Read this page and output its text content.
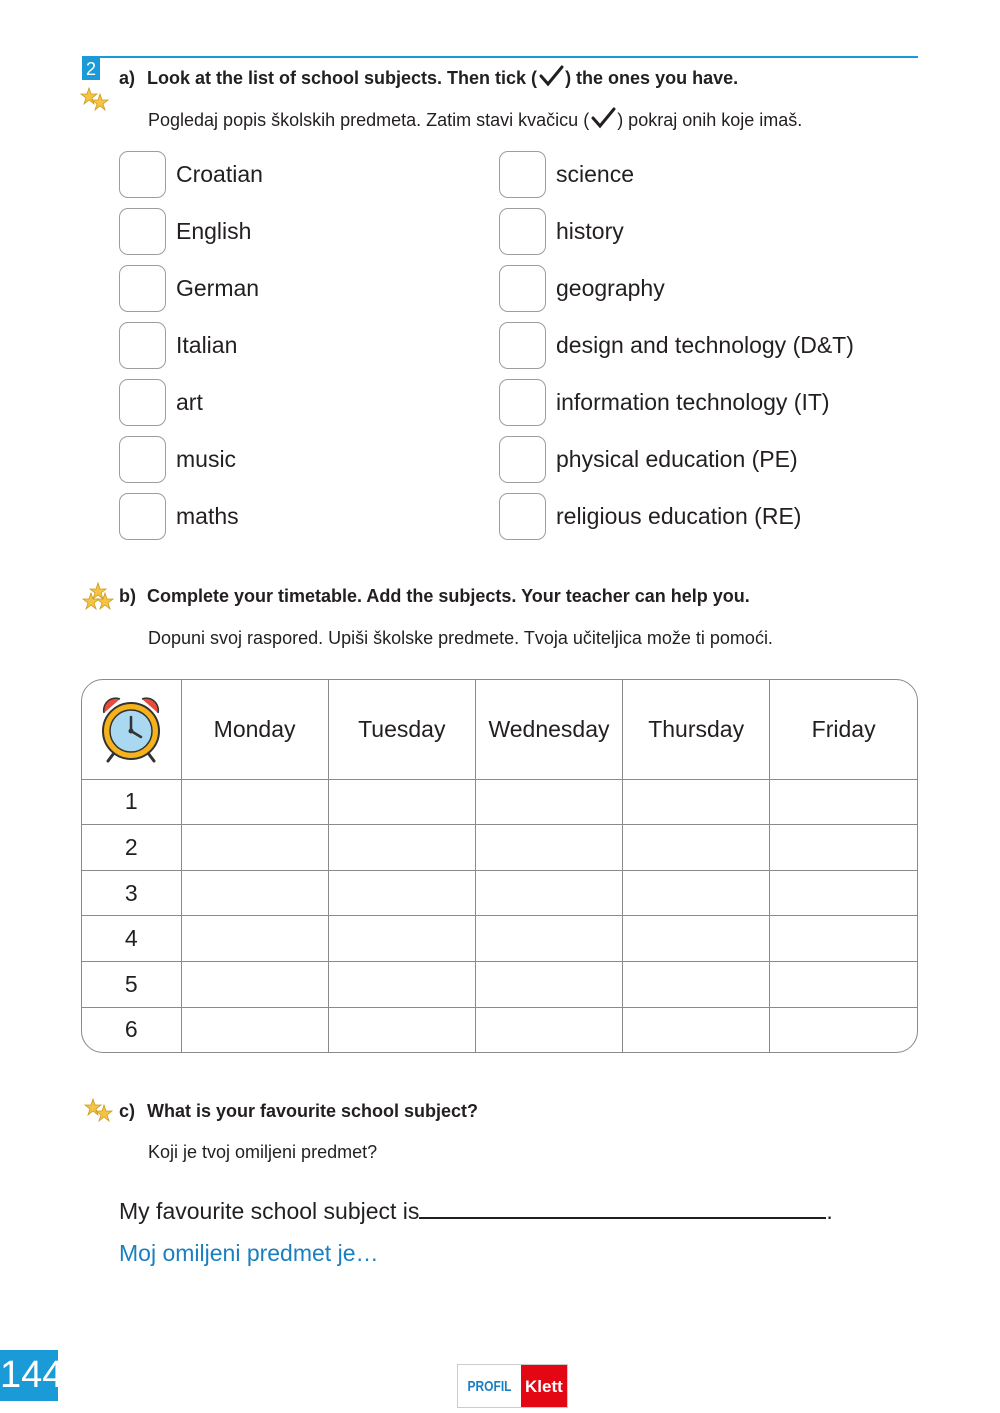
2 a) Look at the list of school subjects. Then tick ( ) the ones you have.
Pogledaj popis školskih predmeta. Zatim stavi kvačicu ( ) pokraj onih koje imaš.
Croatian
English
German
Italian
art
music
maths
science
history
geography
design and technology (D&T)
information technology (IT)
physical education (PE)
religious education (RE)
b) Complete your timetable. Add the subjects. Your teacher can help you.
Dopuni svoj raspored. Upiši školske predmete. Tvoja učiteljica može ti pomoći.
	Monday	Tuesday	Wednesday	Thursday	Friday
1					
2					
3					
4					
5					
6					
c) What is your favourite school subject?
Koji je tvoj omiljeni predmet?
My favourite school subject is	.
Moj omiljeni predmet je…
144	PROFIL Klett
